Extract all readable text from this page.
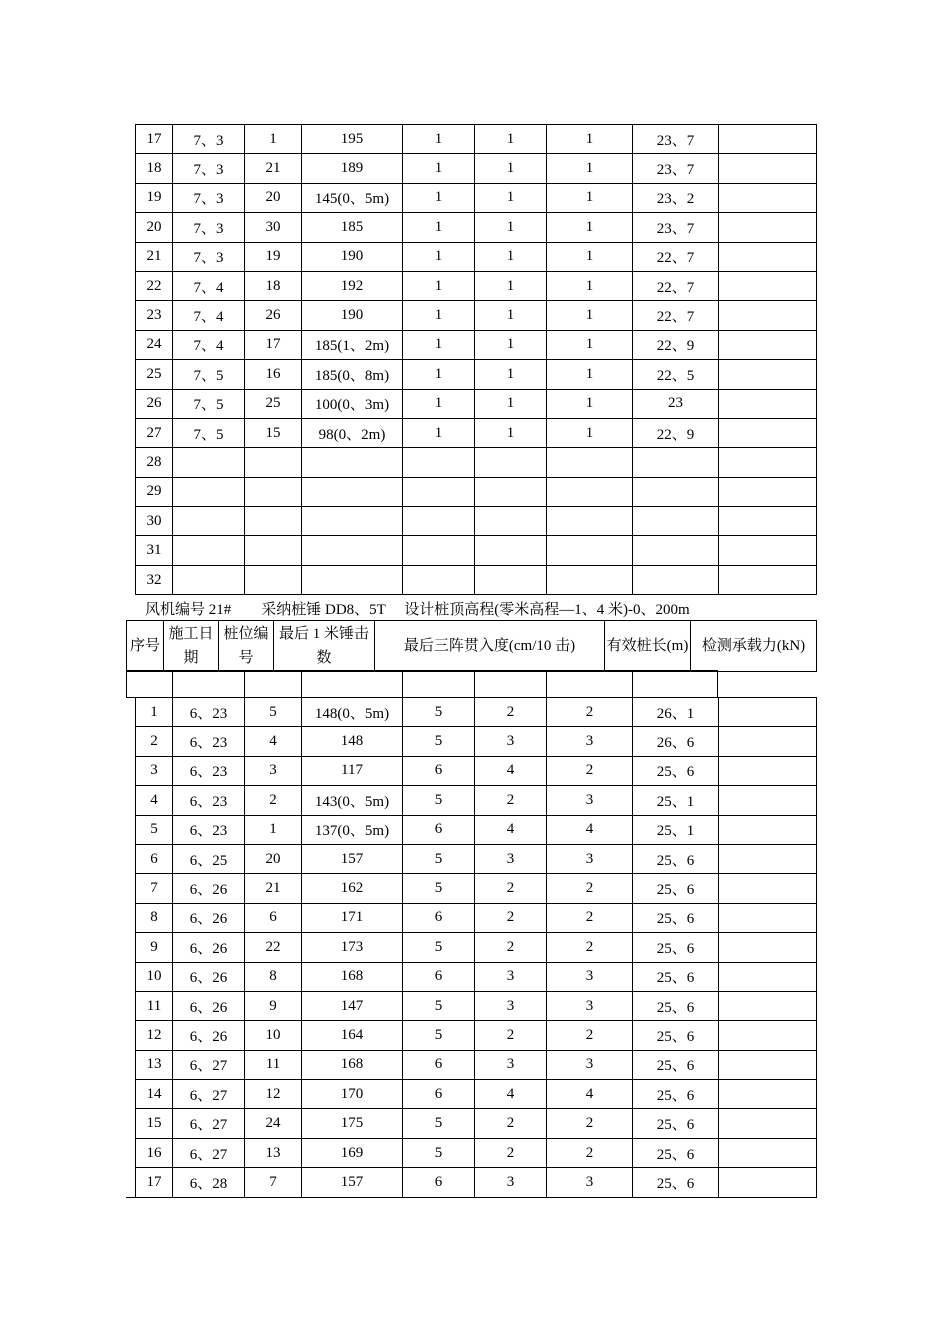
17	7、3	1	195	1	1	1	23、7	
18	7、3	21	189	1	1	1	23、7	
19	7、3	20	145(0、5m)	1	1	1	23、2	
20	7、3	30	185	1	1	1	23、7	
21	7、3	19	190	1	1	1	22、7	
22	7、4	18	192	1	1	1	22、7	
23	7、4	26	190	1	1	1	22、7	
24	7、4	17	185(1、2m)	1	1	1	22、9	
25	7、5	16	185(0、8m)	1	1	1	22、5	
26	7、5	25	100(0、3m)	1	1	1	23	
27	7、5	15	98(0、2m)	1	1	1	22、9	
28								
29								
30								
31								
32								
风机编号 21#　　采纳桩锤 DD8、5T　 设计桩顶高程(零米高程—1、4 米)-0、200m
序号	施工日期	桩位编号	最后 1 米锤击数	最后三阵贯入度(cm/10 击)	有效桩长(m)	检测承载力(kN)

1	6、23	5	148(0、5m)	5	2	2	26、1	
2	6、23	4	148	5	3	3	26、6	
3	6、23	3	117	6	4	2	25、6	
4	6、23	2	143(0、5m)	5	2	3	25、1	
5	6、23	1	137(0、5m)	6	4	4	25、1	
6	6、25	20	157	5	3	3	25、6	
7	6、26	21	162	5	2	2	25、6	
8	6、26	6	171	6	2	2	25、6	
9	6、26	22	173	5	2	2	25、6	
10	6、26	8	168	6	3	3	25、6	
11	6、26	9	147	5	3	3	25、6	
12	6、26	10	164	5	2	2	25、6	
13	6、27	11	168	6	3	3	25、6	
14	6、27	12	170	6	4	4	25、6	
15	6、27	24	175	5	2	2	25、6	
16	6、27	13	169	5	2	2	25、6	
17	6、28	7	157	6	3	3	25、6	
